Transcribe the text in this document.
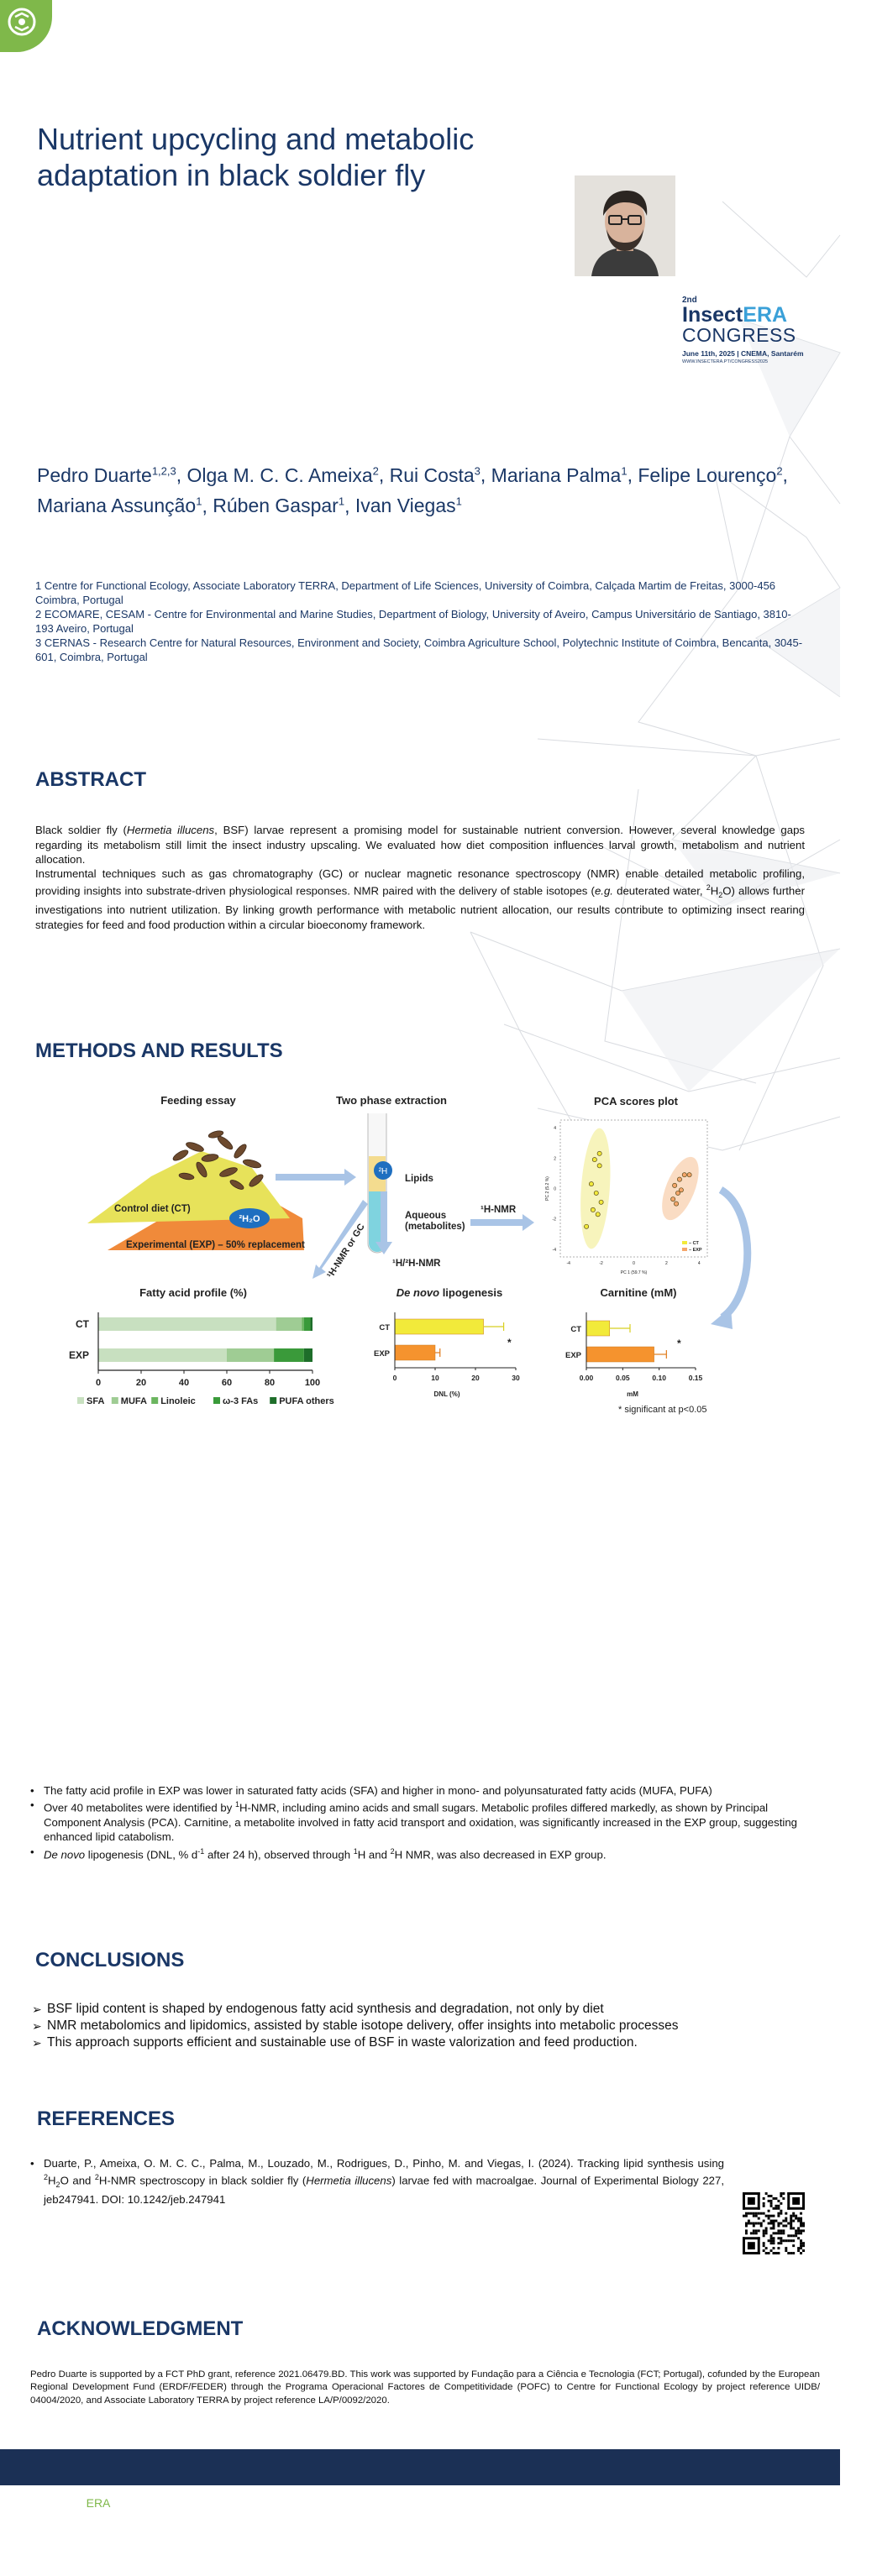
Nutrient upcycling and metabolic
adaptation in black soldier fly
2nd
InsectERA
CONGRESS
June 11th, 2025 | CNEMA, Santarém
WWW.INSECTERA.PT/CONGRESS2025
Pedro Duarte$^{1,2,3}$, Olga M. C. C. Ameixa$^2$, Rui Costa$^3$, Mariana Palma$^1$, Felipe Lourenço$^2$, Mariana Assunção$^1$, Rúben Gaspar$^1$, Ivan Viegas$^1$
1 Centre for Functional Ecology, Associate Laboratory TERRA, Department of Life Sciences, University of Coimbra, Calçada Martim de Freitas, 3000-456 Coimbra, Portugal
2 ECOMARE, CESAM - Centre for Environmental and Marine Studies, Department of Biology, University of Aveiro, Campus Universitário de Santiago, 3810-193 Aveiro, Portugal
3 CERNAS - Research Centre for Natural Resources, Environment and Society, Coimbra Agriculture School, Polytechnic Institute of Coimbra, Bencanta, 3045-601, Coimbra, Portugal
ABSTRACT
Black soldier fly (Hermetia illucens, BSF) larvae represent a promising model for sustainable nutrient conversion. However, several knowledge gaps regarding its metabolism still limit the insect industry upscaling. We evaluated how diet composition influences larval growth, metabolism and nutrient allocation.
Instrumental techniques such as gas chromatography (GC) or nuclear magnetic resonance spectroscopy (NMR) enable detailed metabolic profiling, providing insights into substrate-driven physiological responses. NMR paired with the delivery of stable isotopes (e.g. deuterated water, $^2H_2O$) allows further investigations into nutrient utilization. By linking growth performance with metabolic nutrient allocation, our results contribute to optimizing insect rearing strategies for feed and food production within a circular bioeconomy framework.
METHODS AND RESULTS
Feeding essay
Control diet (CT)
²H₂O
Experimental (EXP) – 50% replacement
Two phase extraction
²H
Lipids
Aqueous
(metabolites)
¹H-NMR
¹H-NMR or GC	¹H/²H-NMR
PCA scores plot
-4	-2	0	2	4
-4
-2
0
2
4
PC 1 (59.7 %)
PC 2 (5.2 %)
– CT
– EXP
Fatty acid profile (%)
CT
EXP
0	20	40	60	80	100
SFA MUFA Linoleic	ω-3 FAs PUFA others
De novo lipogenesis
CT
EXP
0	10	20	30
DNL (%)
*
Carnitine (mM)
CT
EXP
0.00	0.05	0.10	0.15
mM
*
* significant at p<0.05
• The fatty acid profile in EXP was lower in saturated fatty acids (SFA) and higher in mono- and polyunsaturated fatty acids (MUFA, PUFA)
• Over 40 metabolites were identified by $^1$H-NMR, including amino acids and small sugars. Metabolic profiles differed markedly, as shown by Principal Component Analysis (PCA). Carnitine, a metabolite involved in fatty acid transport and oxidation, was significantly increased in the EXP group, suggesting enhanced lipid catabolism.
• De novo lipogenesis (DNL, % $d^{-1}$ after 24 h), observed through $^1$H and $^2$H NMR, was also decreased in EXP group.
CONCLUSIONS
➢ BSF lipid content is shaped by endogenous fatty acid synthesis and degradation, not only by diet
➢ NMR metabolomics and lipidomics, assisted by stable isotope delivery, offer insights into metabolic processes
➢ This approach supports efficient and sustainable use of BSF in waste valorization and feed production.
REFERENCES
• Duarte, P., Ameixa, O. M. C. C., Palma, M., Louzado, M., Rodrigues, D., Pinho, M. and Viegas, I. (2024). Tracking lipid synthesis using $^2H_2O$ and $^2$H-NMR spectroscopy in black soldier fly (Hermetia illucens) larvae fed with macroalgae. Journal of Experimental Biology 227, jeb247941. DOI: 10.1242/jeb.247941
ACKNOWLEDGMENT
Pedro Duarte is supported by a FCT PhD grant, reference 2021.06479.BD. This work was supported by Fundação para a Ciência e Tecnologia (FCT; Portugal), cofunded by the European Regional Development Fund (ERDF/FEDER) through the Programa Operacional Factores de Competitividade (POFC) to Centre for Functional Ecology by project reference UIDB/ 04004/2020, and Associate Laboratory TERRA by project reference LA/P/0092/2020.
2nd InsectERA Congress | www.insectera.pt/congress2025
PRR
Plano de Recuperação e Resiliência
REPÚBLICA
PORTUGUESA
Financiado pela
União Europeia
NextGenerationEU
